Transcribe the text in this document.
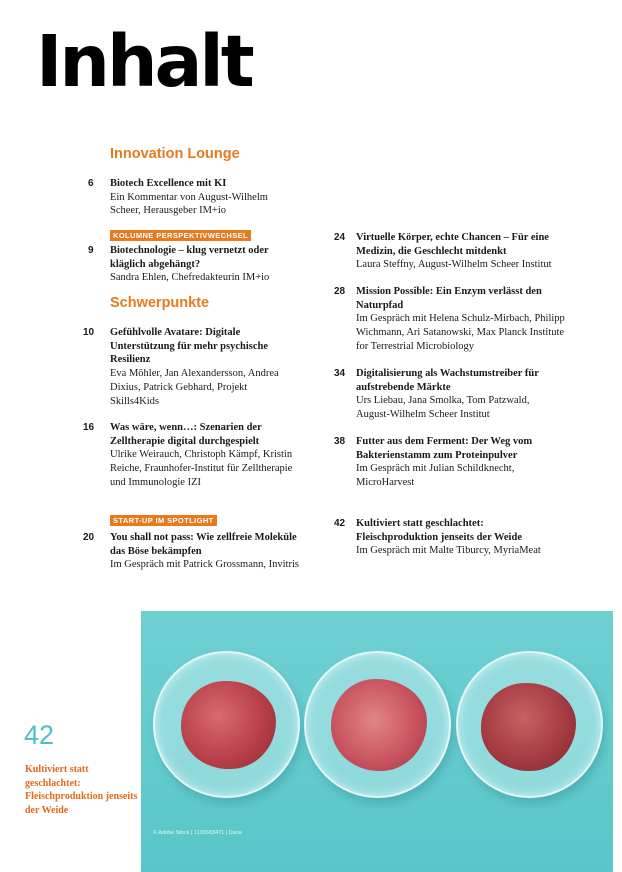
Inhalt
Innovation Lounge
6 Biotech Excellence mit KI
Ein Kommentar von August-Wilhelm Scheer, Herausgeber IM+io
KOLUMNE PERSPEKTIVWECHSEL
9 Biotechnologie – klug vernetzt oder kläglich abgehängt?
Sandra Ehlen, Chefredakteurin IM+io
Schwerpunkte
10 Gefühlvolle Avatare: Digitale Unterstützung für mehr psychische Resilienz
Eva Möhler, Jan Alexandersson, Andrea Dixius, Patrick Gebhard, Projekt Skills4Kids
16 Was wäre, wenn…: Szenarien der Zelltherapie digital durchgespielt
Ulrike Weirauch, Christoph Kämpf, Kristin Reiche, Fraunhofer-Institut für Zelltherapie und Immunologie IZI
START-UP IM SPOTLIGHT
20 You shall not pass: Wie zellfreie Moleküle das Böse bekämpfen
Im Gespräch mit Patrick Grossmann, Invitris
24 Virtuelle Körper, echte Chancen – Für eine Medizin, die Geschlecht mitdenkt
Laura Steffny, August-Wilhelm Scheer Institut
28 Mission Possible: Ein Enzym verlässt den Naturpfad
Im Gespräch mit Helena Schulz-Mirbach, Philipp Wichmann, Ari Satanowski, Max Planck Institute for Terrestrial Microbiology
34 Digitalisierung als Wachstumstreiber für aufstrebende Märkte
Urs Liebau, Jana Smolka, Tom Patzwald, August-Wilhelm Scheer Institut
38 Futter aus dem Ferment: Der Weg vom Bakterienstamm zum Proteinpulver
Im Gespräch mit Julian Schildknecht, MicroHarvest
42 Kultiviert statt geschlachtet: Fleischproduktion jenseits der Weide
Im Gespräch mit Malte Tiburcy, MyriaMeat
42
Kultiviert statt geschlachtet: Fleischproduktion jenseits der Weide
© Adobe Stock | 1139683471 | Dana
